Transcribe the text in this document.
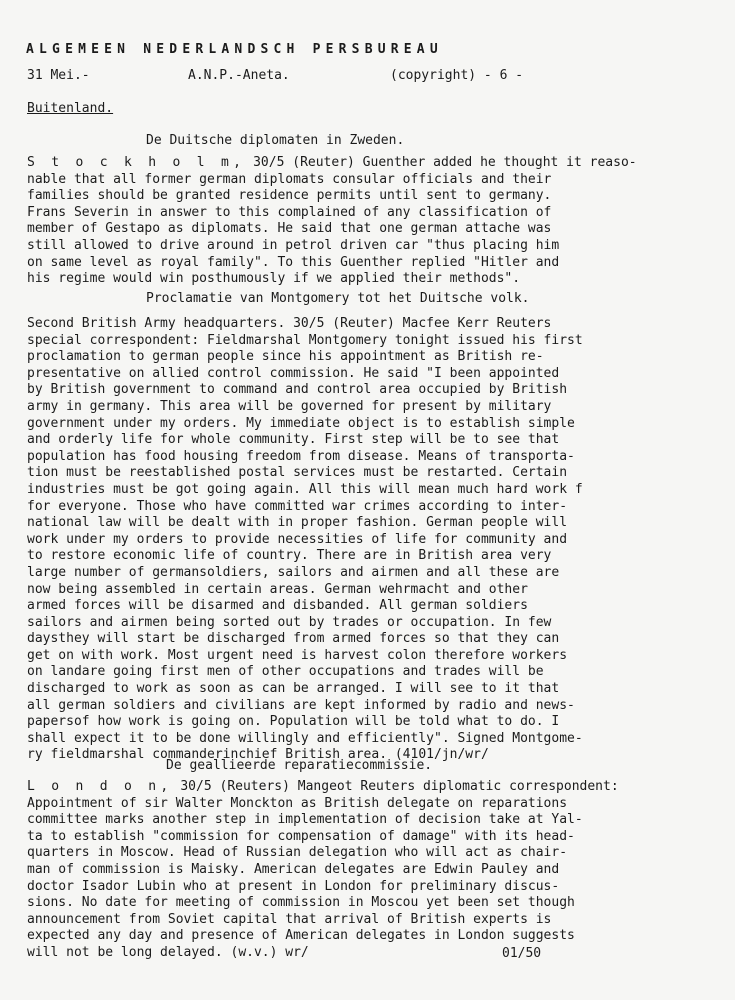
ALGEMEEN NEDERLANDSCH PERSBUREAU
31 Mei.-	A.N.P.-Aneta.	(copyright) - 6 -
Buitenland.
De Duitsche diplomaten in Zweden.
S t o c k h o l m, 30/5 (Reuter) Guenther added he thought it reaso-
nable that all former german diplomats consular officials and their
families should be granted residence permits until sent to germany.
Frans Severin in answer to this complained of any classification of
member of Gestapo as diplomats. He said that one german attache was
still allowed to drive around in petrol driven car "thus placing him
on same level as royal family". To this Guenther replied "Hitler and
his regime would win posthumously if we applied their methods".
Proclamatie van Montgomery tot het Duitsche volk.
Second British Army headquarters. 30/5 (Reuter) Macfee Kerr Reuters
special correspondent: Fieldmarshal Montgomery tonight issued his first
proclamation to german people since his appointment as British re-
presentative on allied control commission. He said "I been appointed
by British government to command and control area occupied by British
army in germany. This area will be governed for present by military
government under my orders. My immediate object is to establish simple
and orderly life for whole community. First step will be to see that
population has food housing freedom from disease. Means of transporta-
tion must be reestablished postal services must be restarted. Certain
industries must be got going again. All this will mean much hard work f
for everyone. Those who have committed war crimes according to inter-
national law will be dealt with in proper fashion. German people will
work under my orders to provide necessities of life for community and
to restore economic life of country. There are in British area very
large number of germansoldiers, sailors and airmen and all these are
now being assembled in certain areas. German wehrmacht and other
armed forces will be disarmed and disbanded. All german soldiers
sailors and airmen being sorted out by trades or occupation. In few
daysthey will start be discharged from armed forces so that they can
get on with work. Most urgent need is harvest colon therefore workers
on landare going first men of other occupations and trades will be
discharged to work as soon as can be arranged. I will see to it that
all german soldiers and civilians are kept informed by radio and news-
papersof how work is going on. Population will be told what to do. I
shall expect it to be done willingly and efficiently". Signed Montgome-
ry fieldmarshal commanderinchief British area. (4101/jn/wr/
De geallieerde reparatiecommissie.
L o n d o n, 30/5 (Reuters) Mangeot Reuters diplomatic correspondent:
Appointment of sir Walter Monckton as British delegate on reparations
committee marks another step in implementation of decision take at Yal-
ta to establish "commission for compensation of damage" with its head-
quarters in Moscow. Head of Russian delegation who will act as chair-
man of commission is Maisky. American delegates are Edwin Pauley and
doctor Isador Lubin who at present in London for preliminary discus-
sions. No date for meeting of commission in Moscou yet been set though
announcement from Soviet capital that arrival of British experts is
expected any day and presence of American delegates in London suggests
will not be long delayed. (w.v.) wr/	01/50
